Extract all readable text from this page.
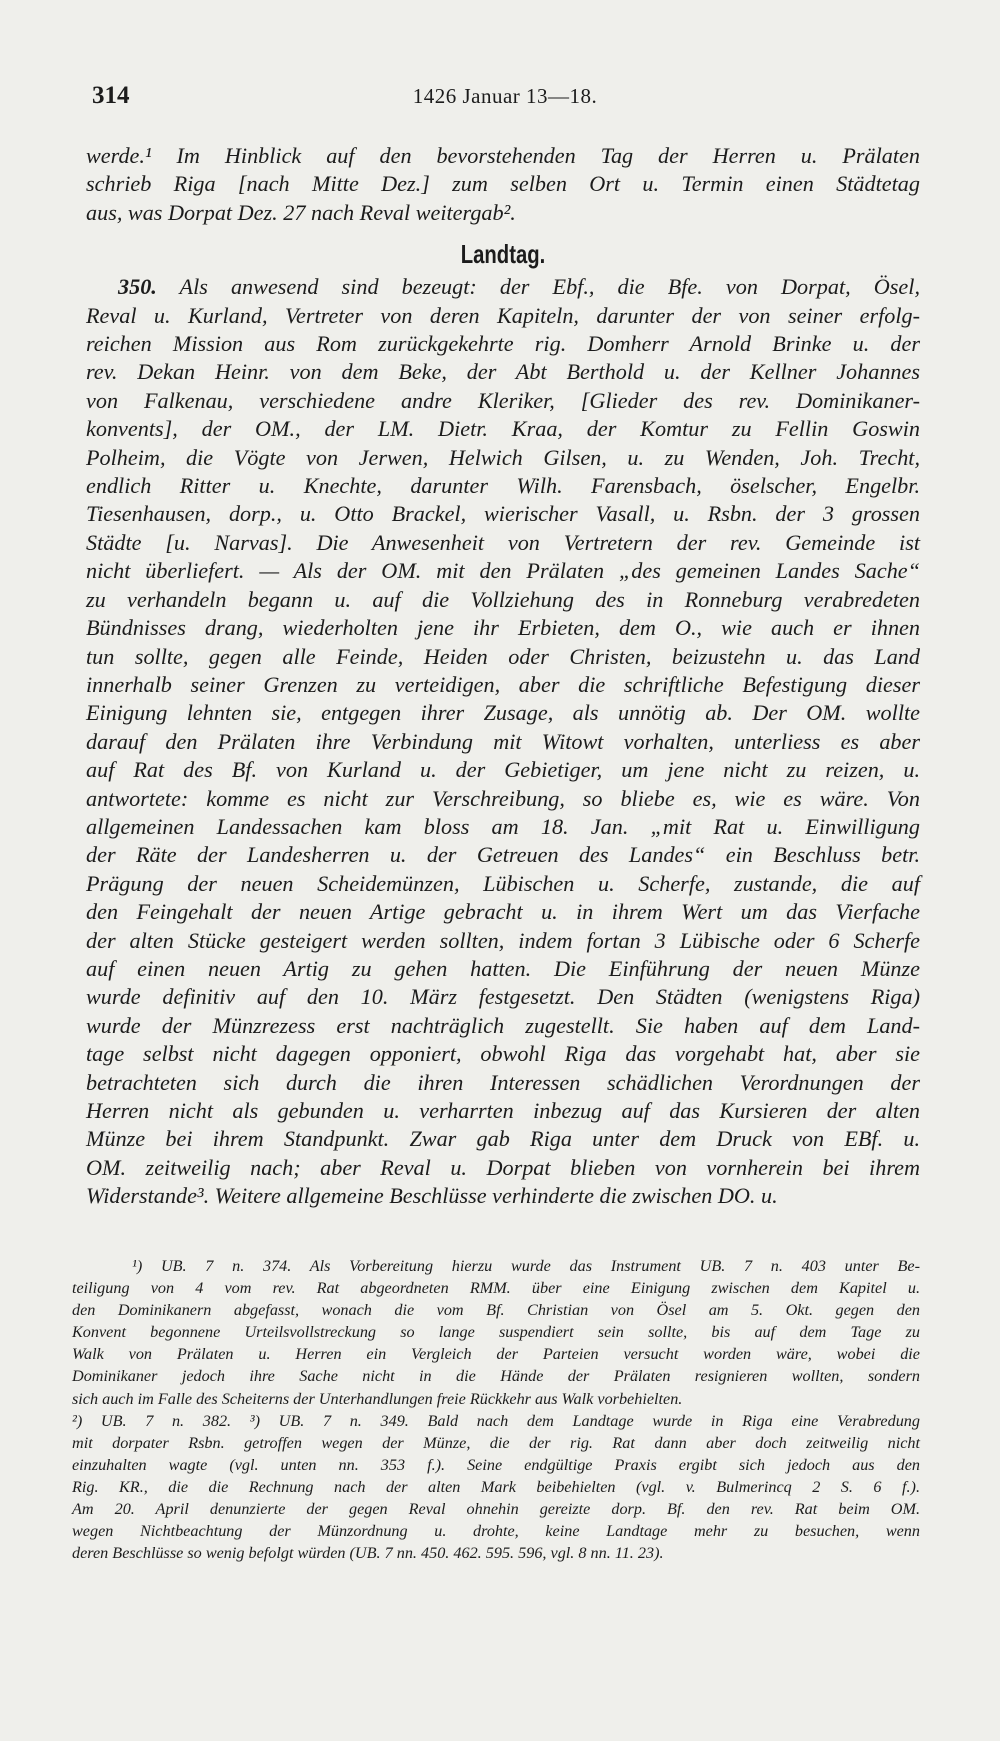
314	1426 Januar 13—18.
werde.¹ Im Hinblick auf den bevorstehenden Tag der Herren u. Prälaten
schrieb Riga [nach Mitte Dez.] zum selben Ort u. Termin einen Städtetag
aus, was Dorpat Dez. 27 nach Reval weitergab².
Landtag.
350. Als anwesend sind bezeugt: der Ebf., die Bfe. von Dorpat, Ösel,
Reval u. Kurland, Vertreter von deren Kapiteln, darunter der von seiner erfolg-
reichen Mission aus Rom zurückgekehrte rig. Domherr Arnold Brinke u. der
rev. Dekan Heinr. von dem Beke, der Abt Berthold u. der Kellner Johannes
von Falkenau, verschiedene andre Kleriker, [Glieder des rev. Dominikaner-
konvents], der OM., der LM. Dietr. Kraa, der Komtur zu Fellin Goswin
Polheim, die Vögte von Jerwen, Helwich Gilsen, u. zu Wenden, Joh. Trecht,
endlich Ritter u. Knechte, darunter Wilh. Farensbach, öselscher, Engelbr.
Tiesenhausen, dorp., u. Otto Brackel, wierischer Vasall, u. Rsbn. der 3 grossen
Städte [u. Narvas]. Die Anwesenheit von Vertretern der rev. Gemeinde ist
nicht überliefert. — Als der OM. mit den Prälaten „des gemeinen Landes Sache“
zu verhandeln begann u. auf die Vollziehung des in Ronneburg verabredeten
Bündnisses drang, wiederholten jene ihr Erbieten, dem O., wie auch er ihnen
tun sollte, gegen alle Feinde, Heiden oder Christen, beizustehn u. das Land
innerhalb seiner Grenzen zu verteidigen, aber die schriftliche Befestigung dieser
Einigung lehnten sie, entgegen ihrer Zusage, als unnötig ab. Der OM. wollte
darauf den Prälaten ihre Verbindung mit Witowt vorhalten, unterliess es aber
auf Rat des Bf. von Kurland u. der Gebietiger, um jene nicht zu reizen, u.
antwortete: komme es nicht zur Verschreibung, so bliebe es, wie es wäre. Von
allgemeinen Landessachen kam bloss am 18. Jan. „mit Rat u. Einwilligung
der Räte der Landesherren u. der Getreuen des Landes“ ein Beschluss betr.
Prägung der neuen Scheidemünzen, Lübischen u. Scherfe, zustande, die auf
den Feingehalt der neuen Artige gebracht u. in ihrem Wert um das Vierfache
der alten Stücke gesteigert werden sollten, indem fortan 3 Lübische oder 6 Scherfe
auf einen neuen Artig zu gehen hatten. Die Einführung der neuen Münze
wurde definitiv auf den 10. März festgesetzt. Den Städten (wenigstens Riga)
wurde der Münzrezess erst nachträglich zugestellt. Sie haben auf dem Land-
tage selbst nicht dagegen opponiert, obwohl Riga das vorgehabt hat, aber sie
betrachteten sich durch die ihren Interessen schädlichen Verordnungen der
Herren nicht als gebunden u. verharrten inbezug auf das Kursieren der alten
Münze bei ihrem Standpunkt. Zwar gab Riga unter dem Druck von EBf. u.
OM. zeitweilig nach; aber Reval u. Dorpat blieben von vornherein bei ihrem
Widerstande³. Weitere allgemeine Beschlüsse verhinderte die zwischen DO. u.
¹) UB. 7 n. 374. Als Vorbereitung hierzu wurde das Instrument UB. 7 n. 403 unter Be-
teiligung von 4 vom rev. Rat abgeordneten RMM. über eine Einigung zwischen dem Kapitel u.
den Dominikanern abgefasst, wonach die vom Bf. Christian von Ösel am 5. Okt. gegen den
Konvent begonnene Urteilsvollstreckung so lange suspendiert sein sollte, bis auf dem Tage zu
Walk von Prälaten u. Herren ein Vergleich der Parteien versucht worden wäre, wobei die
Dominikaner jedoch ihre Sache nicht in die Hände der Prälaten resignieren wollten, sondern
sich auch im Falle des Scheiterns der Unterhandlungen freie Rückkehr aus Walk vorbehielten.
²) UB. 7 n. 382. ³) UB. 7 n. 349. Bald nach dem Landtage wurde in Riga eine Verabredung
mit dorpater Rsbn. getroffen wegen der Münze, die der rig. Rat dann aber doch zeitweilig nicht
einzuhalten wagte (vgl. unten nn. 353 f.). Seine endgültige Praxis ergibt sich jedoch aus den
Rig. KR., die die Rechnung nach der alten Mark beibehielten (vgl. v. Bulmerincq 2 S. 6 f.).
Am 20. April denunzierte der gegen Reval ohnehin gereizte dorp. Bf. den rev. Rat beim OM.
wegen Nichtbeachtung der Münzordnung u. drohte, keine Landtage mehr zu besuchen, wenn
deren Beschlüsse so wenig befolgt würden (UB. 7 nn. 450. 462. 595. 596, vgl. 8 nn. 11. 23).
